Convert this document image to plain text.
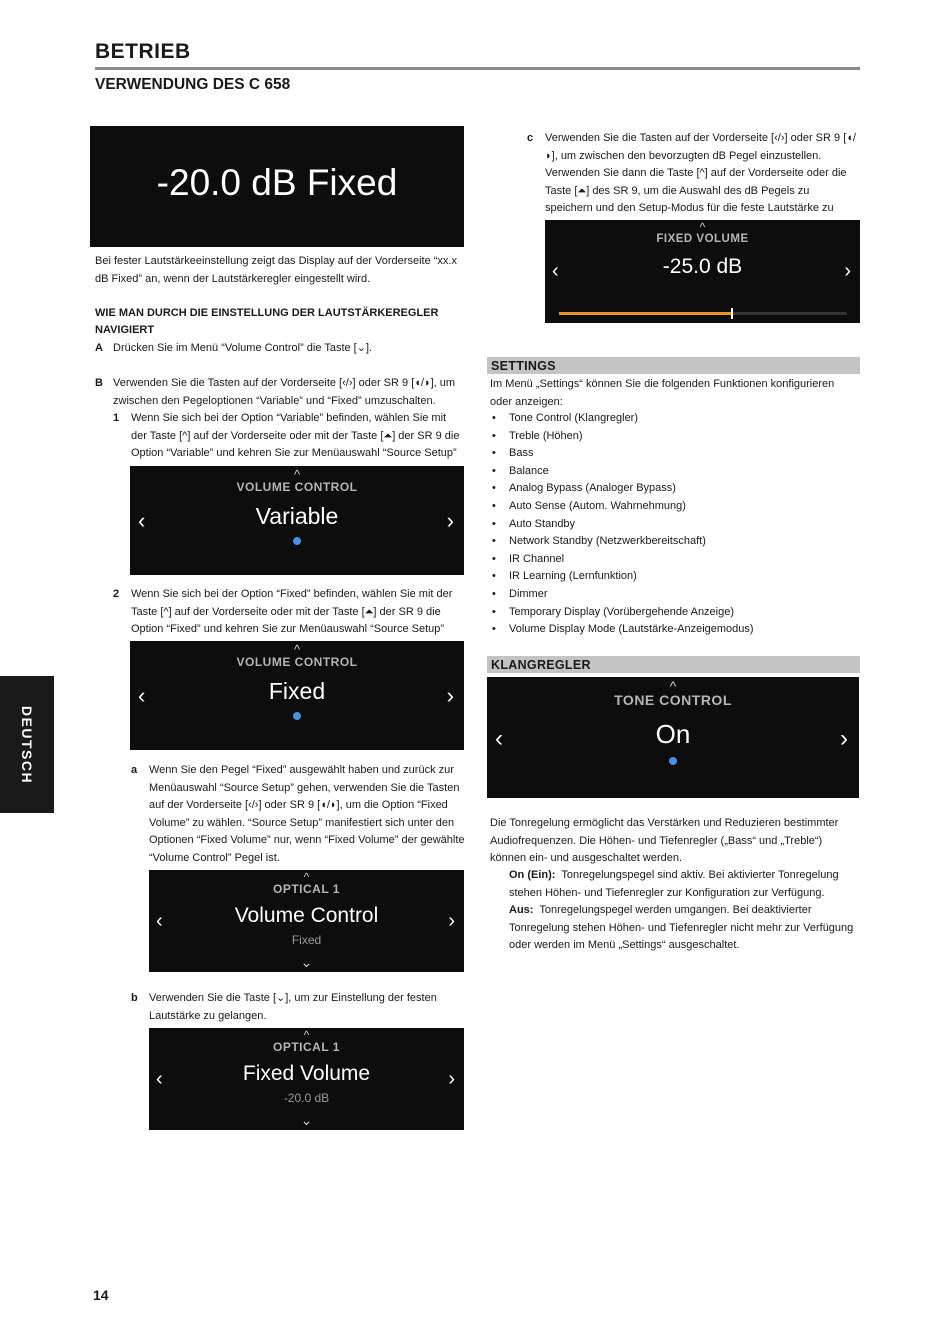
BETRIEB
VERWENDUNG DES C 658
DEUTSCH
-20.0 dB Fixed

Bei fester Lautstärkeeinstellung zeigt das Display auf der Vorderseite “xx.x dB Fixed” an, wenn der Lautstärkeregler eingestellt wird.

WIE MAN DURCH DIE EINSTELLUNG DER LAUTSTÄRKEREGLER
NAVIGIERT
A Drücken Sie im Menü “Volume Control” die Taste [⌄].

B Verwenden Sie die Tasten auf der Vorderseite [‹/›] oder SR 9 [◖/◗], um

zwischen den Pegeloptionen “Variable” und “Fixed” umzuschalten.

1 Wenn Sie sich bei der Option “Variable” befinden, wählen Sie mit der Taste [^] auf der Vorderseite oder mit der Taste [⏶] der SR 9 die Option “Variable” und kehren Sie zur Menüauswahl “Source Setup”

^
VOLUME CONTROL
Variable
‹	›
2 Wenn Sie sich bei der Option “Fixed” befinden, wählen Sie mit der Taste [^] auf der Vorderseite oder mit der Taste [⏶] der SR 9 die Option “Fixed” und kehren Sie zur Menüauswahl “Source Setup”

^
VOLUME CONTROL
Fixed
‹	›
a Wenn Sie den Pegel “Fixed” ausgewählt haben und zurück zur Menüauswahl “Source Setup” gehen, verwenden Sie die Tasten auf der Vorderseite [‹/›] oder SR 9 [◖/◗], um die Option “Fixed Volume” zu wählen. “Source Setup” manifestiert sich unter den Optionen “Fixed Volume” nur, wenn “Fixed Volume” der gewählte “Volume Control” Pegel ist.

^
OPTICAL 1
Volume Control
Fixed
‹	›
⌄
b Verwenden Sie die Taste [⌄], um zur Einstellung der festen Lautstärke zu gelangen.

^
OPTICAL 1
Fixed Volume
-20.0 dB
‹	›
⌄
c Verwenden Sie die Tasten auf der Vorderseite [‹/›] oder SR 9 [◖/◗], um zwischen den bevorzugten dB Pegel einzustellen. Verwenden Sie dann die Taste [^] auf der Vorderseite oder die Taste [⏶] des SR 9, um die Auswahl des dB Pegels zu speichern und den Setup-Modus für die feste Lautstärke zu

^
FIXED VOLUME
-25.0 dB
‹	›
SETTINGS

Im Menü „Settings“ können Sie die folgenden Funktionen konfigurieren oder anzeigen:

• Tone Control (Klangregler)
• Treble (Höhen)
• Bass
• Balance
• Analog Bypass (Analoger Bypass)
• Auto Sense (Autom. Wahrnehmung)
• Auto Standby
• Network Standby (Netzwerkbereitschaft)
• IR Channel
• IR Learning (Lernfunktion)
• Dimmer
• Temporary Display (Vorübergehende Anzeige)
• Volume Display Mode (Lautstärke-Anzeigemodus)
KLANGREGLER
^
TONE CONTROL
On
‹	›

Die Tonregelung ermöglicht das Verstärken und Reduzieren bestimmter Audiofrequenzen. Die Höhen- und Tiefenregler („Bass“ und „Treble“) können ein- und ausgeschaltet werden.

On (Ein): Tonregelungspegel sind aktiv. Bei aktivierter Tonregelung stehen Höhen- und Tiefenregler zur Konfiguration zur Verfügung.

Aus: Tonregelungspegel werden umgangen. Bei deaktivierter Tonregelung stehen Höhen- und Tiefenregler nicht mehr zur Verfügung oder werden im Menü „Settings“ ausgeschaltet.

14
